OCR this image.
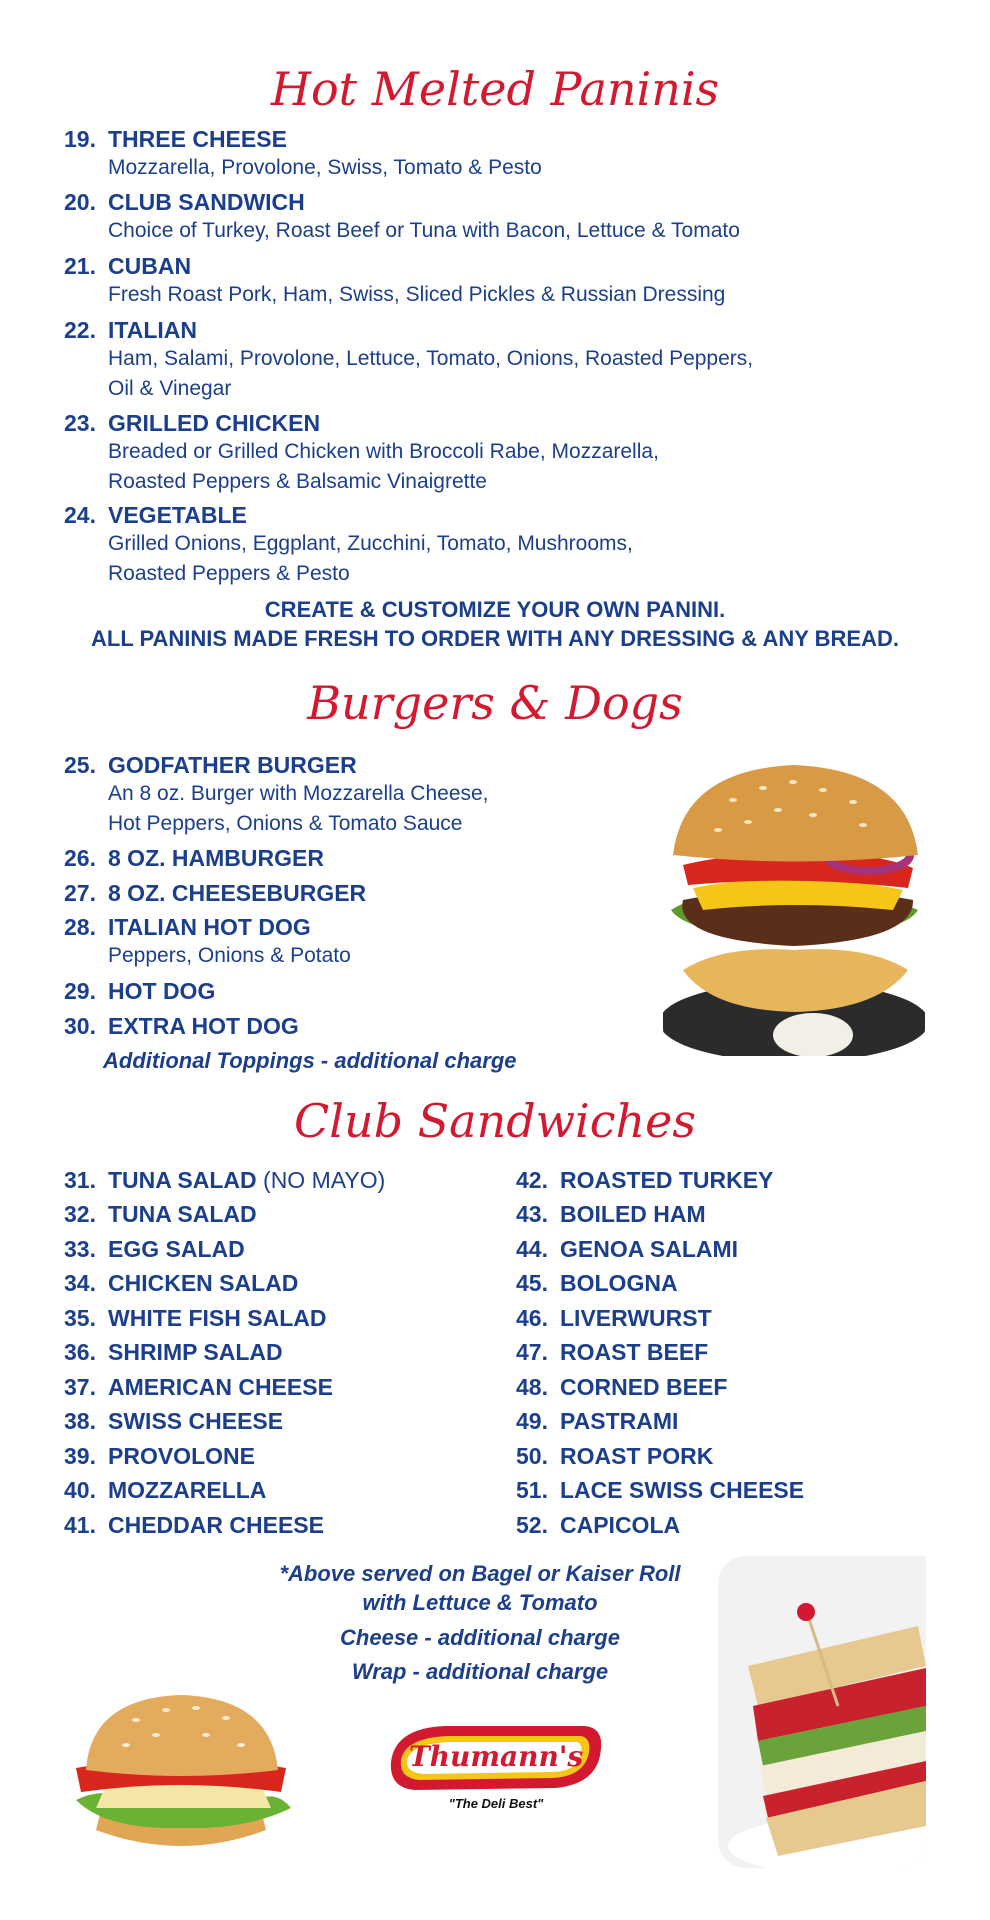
Hot Melted Paninis
19. THREE CHEESE
Mozzarella, Provolone, Swiss, Tomato & Pesto
20. CLUB SANDWICH
Choice of Turkey, Roast Beef or Tuna with Bacon, Lettuce & Tomato
21. CUBAN
Fresh Roast Pork, Ham, Swiss, Sliced Pickles & Russian Dressing
22. ITALIAN
Ham, Salami, Provolone, Lettuce, Tomato, Onions, Roasted Peppers,
Oil & Vinegar
23. GRILLED CHICKEN
Breaded or Grilled Chicken with Broccoli Rabe, Mozzarella,
Roasted Peppers & Balsamic Vinaigrette
24. VEGETABLE
Grilled Onions, Eggplant, Zucchini, Tomato, Mushrooms,
Roasted Peppers & Pesto
CREATE & CUSTOMIZE YOUR OWN PANINI.
ALL PANINIS MADE FRESH TO ORDER WITH ANY DRESSING & ANY BREAD.
Burgers & Dogs
25. GODFATHER BURGER
An 8 oz. Burger with Mozzarella Cheese,
Hot Peppers, Onions & Tomato Sauce
26. 8 OZ. HAMBURGER
27. 8 OZ. CHEESEBURGER
28. ITALIAN HOT DOG
Peppers, Onions & Potato
29. HOT DOG
30. EXTRA HOT DOG
Additional Toppings - additional charge
Club Sandwiches
31. TUNA SALAD (NO MAYO)
32. TUNA SALAD
33. EGG SALAD
34. CHICKEN SALAD
35. WHITE FISH SALAD
36. SHRIMP SALAD
37. AMERICAN CHEESE
38. SWISS CHEESE
39. PROVOLONE
40. MOZZARELLA
41. CHEDDAR CHEESE
42. ROASTED TURKEY
43. BOILED HAM
44. GENOA SALAMI
45. BOLOGNA
46. LIVERWURST
47. ROAST BEEF
48. CORNED BEEF
49. PASTRAMI
50. ROAST PORK
51. LACE SWISS CHEESE
52. CAPICOLA
*Above served on Bagel or Kaiser Roll
with Lettuce & Tomato
Cheese - additional charge
Wrap - additional charge
Thumann's
"The Deli Best"
